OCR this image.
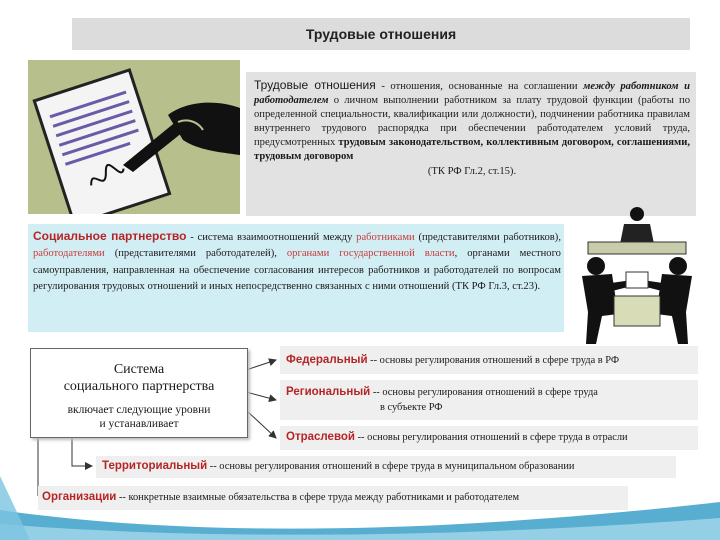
Трудовые отношения
Трудовые отношения - отношения, основанные на соглашении между работником и работодателем о личном выполнении работником за плату трудовой функции (работы по определенной специальности, квалификации или должности), подчинении работника правилам внутреннего трудового распорядка при обеспечении работодателем условий труда, предусмотренных трудовым законодательством, коллективным договором, соглашениями, трудовым договором
(ТК РФ Гл.2, ст.15).
Социальное партнерство - система взаимоотношений между работниками (представителями работников), работодателями (представителями работодателей), органами государственной власти, органами местного самоуправления, направленная на обеспечение согласования интересов работников и работодателей по вопросам регулирования трудовых отношений и иных непосредственно связанных с ними отношений (ТК РФ Гл.3, ст.23).
Система
социального партнерства
включает следующие уровни
и устанавливает
Федеральный -- основы регулирования отношений в сфере труда в РФ
Региональный -- основы регулирования отношений в сфере труда
в субъекте РФ
Отраслевой -- основы регулирования отношений в сфере труда в отрасли
Территориальный -- основы регулирования отношений в сфере труда в муниципальном образовании
Организации -- конкретные взаимные обязательства в сфере труда между работниками и работодателем
